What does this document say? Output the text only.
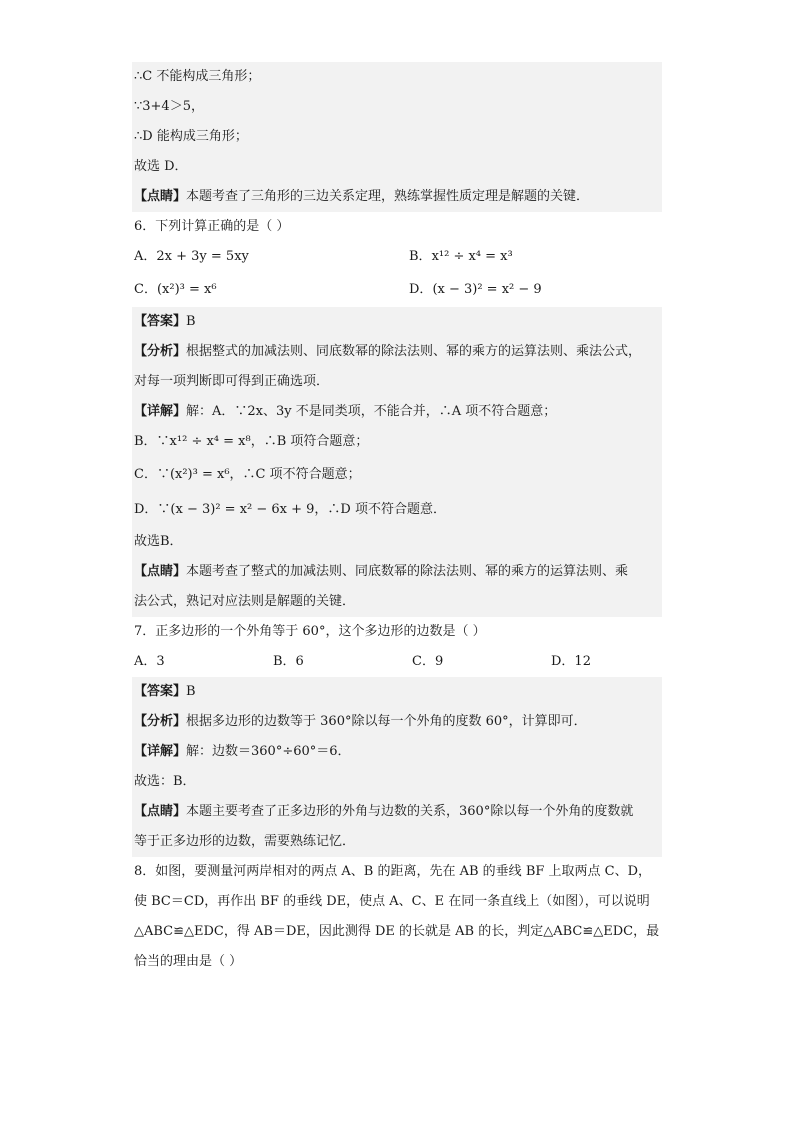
∴C 不能构成三角形；
∵3+4＞5，
∴D 能构成三角形；
故选 D．
【点睛】本题考查了三角形的三边关系定理，熟练掌握性质定理是解题的关键．
6．下列计算正确的是（ ）
A．2x + 3y = 5xy	B．x¹² ÷ x⁴ = x³
C．(x²)³ = x⁶	D．(x − 3)² = x² − 9
【答案】B
【分析】根据整式的加减法则、同底数幂的除法法则、幂的乘方的运算法则、乘法公式，
对每一项判断即可得到正确选项．
【详解】解：A．∵2x、3y 不是同类项，不能合并，∴A 项不符合题意；
B．∵x¹² ÷ x⁴ = x⁸，∴B 项符合题意；
C．∵(x²)³ = x⁶，∴C 项不符合题意；
D．∵(x − 3)² = x² − 6x + 9，∴D 项不符合题意．
故选B．
【点睛】本题考查了整式的加减法则、同底数幂的除法法则、幂的乘方的运算法则、乘
法公式，熟记对应法则是解题的关键．
7．正多边形的一个外角等于 60°，这个多边形的边数是（ ）
A．3	B．6	C．9	D．12
【答案】B
【分析】根据多边形的边数等于 360°除以每一个外角的度数 60°，计算即可．
【详解】解：边数＝360°÷60°＝6．
故选：B．
【点睛】本题主要考查了正多边形的外角与边数的关系，360°除以每一个外角的度数就
等于正多边形的边数，需要熟练记忆．
8．如图，要测量河两岸相对的两点 A、B 的距离，先在 AB 的垂线 BF 上取两点 C、D，
使 BC＝CD，再作出 BF 的垂线 DE，使点 A、C、E 在同一条直线上（如图），可以说明
△ABC≌△EDC，得 AB＝DE，因此测得 DE 的长就是 AB 的长，判定△ABC≌△EDC，最
恰当的理由是（ ）
